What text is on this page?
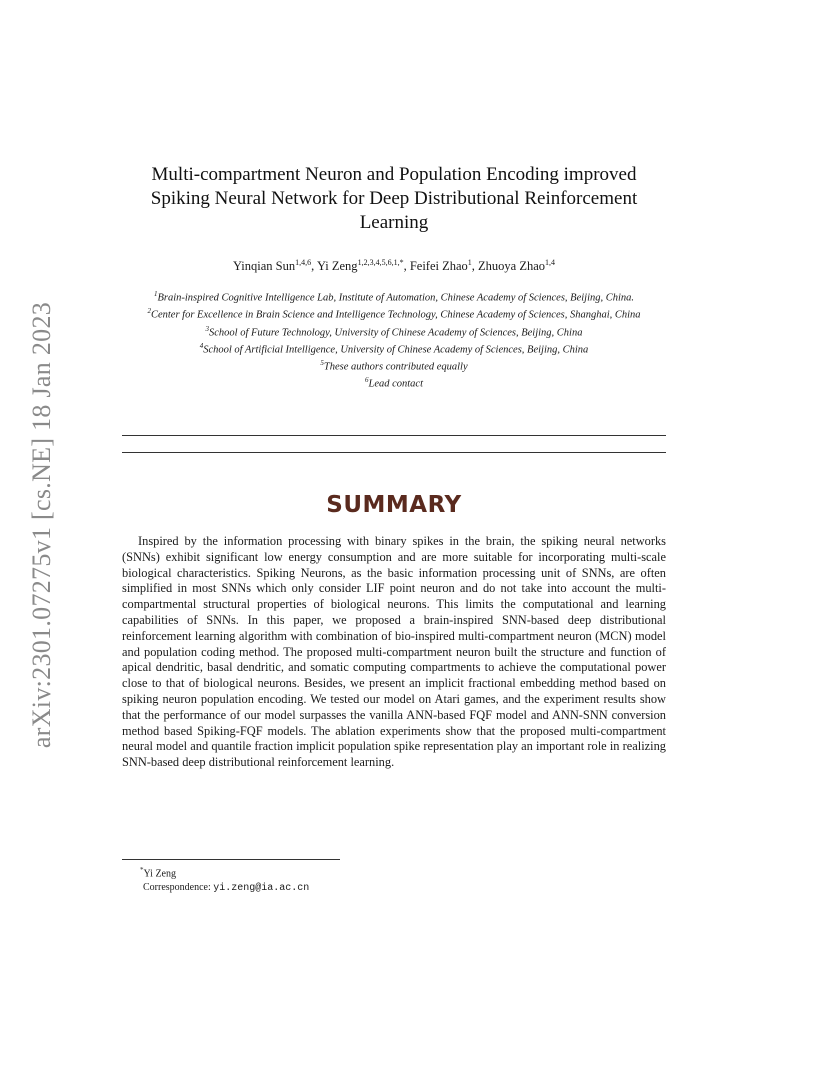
arXiv:2301.07275v1 [cs.NE] 18 Jan 2023
Multi-compartment Neuron and Population Encoding improved
Spiking Neural Network for Deep Distributional Reinforcement
Learning
Yinqian Sun$^{1,4,6}$, Yi Zeng$^{1,2,3,4,5,6,1,*}$, Feifei Zhao$^1$, Zhuoya Zhao$^{1,4}$
$^1$Brain-inspired Cognitive Intelligence Lab, Institute of Automation, Chinese Academy of Sciences, Beijing, China.
$^2$Center for Excellence in Brain Science and Intelligence Technology, Chinese Academy of Sciences, Shanghai, China
$^3$School of Future Technology, University of Chinese Academy of Sciences, Beijing, China
$^4$School of Artificial Intelligence, University of Chinese Academy of Sciences, Beijing, China
$^5$These authors contributed equally
$^6$Lead contact
SUMMARY

Inspired by the information processing with binary spikes in the brain, the spiking neural networks (SNNs) exhibit significant low energy consumption and are more suitable for incorporating multi-scale biological characteristics. Spiking Neurons, as the basic information processing unit of SNNs, are often simplified in most SNNs which only consider LIF point neuron and do not take into account the multi-compartmental structural properties of biological neurons. This limits the computational and learning capabilities of SNNs. In this paper, we proposed a brain-inspired SNN-based deep distributional reinforcement learning algorithm with combination of bio-inspired multi-compartment neuron (MCN) model and population coding method. The proposed multi-compartment neuron built the structure and function of apical dendritic, basal dendritic, and somatic computing compartments to achieve the computational power close to that of biological neurons. Besides, we present an implicit fractional embedding method based on spiking neuron population encoding. We tested our model on Atari games, and the experiment results show that the performance of our model surpasses the vanilla ANN-based FQF model and ANN-SNN conversion method based Spiking-FQF models. The ablation experiments show that the proposed multi-compartment neural model and quantile fraction implicit population spike representation play an important role in realizing SNN-based deep distributional reinforcement learning.

*Yi Zeng
Correspondence: yi.zeng@ia.ac.cn
